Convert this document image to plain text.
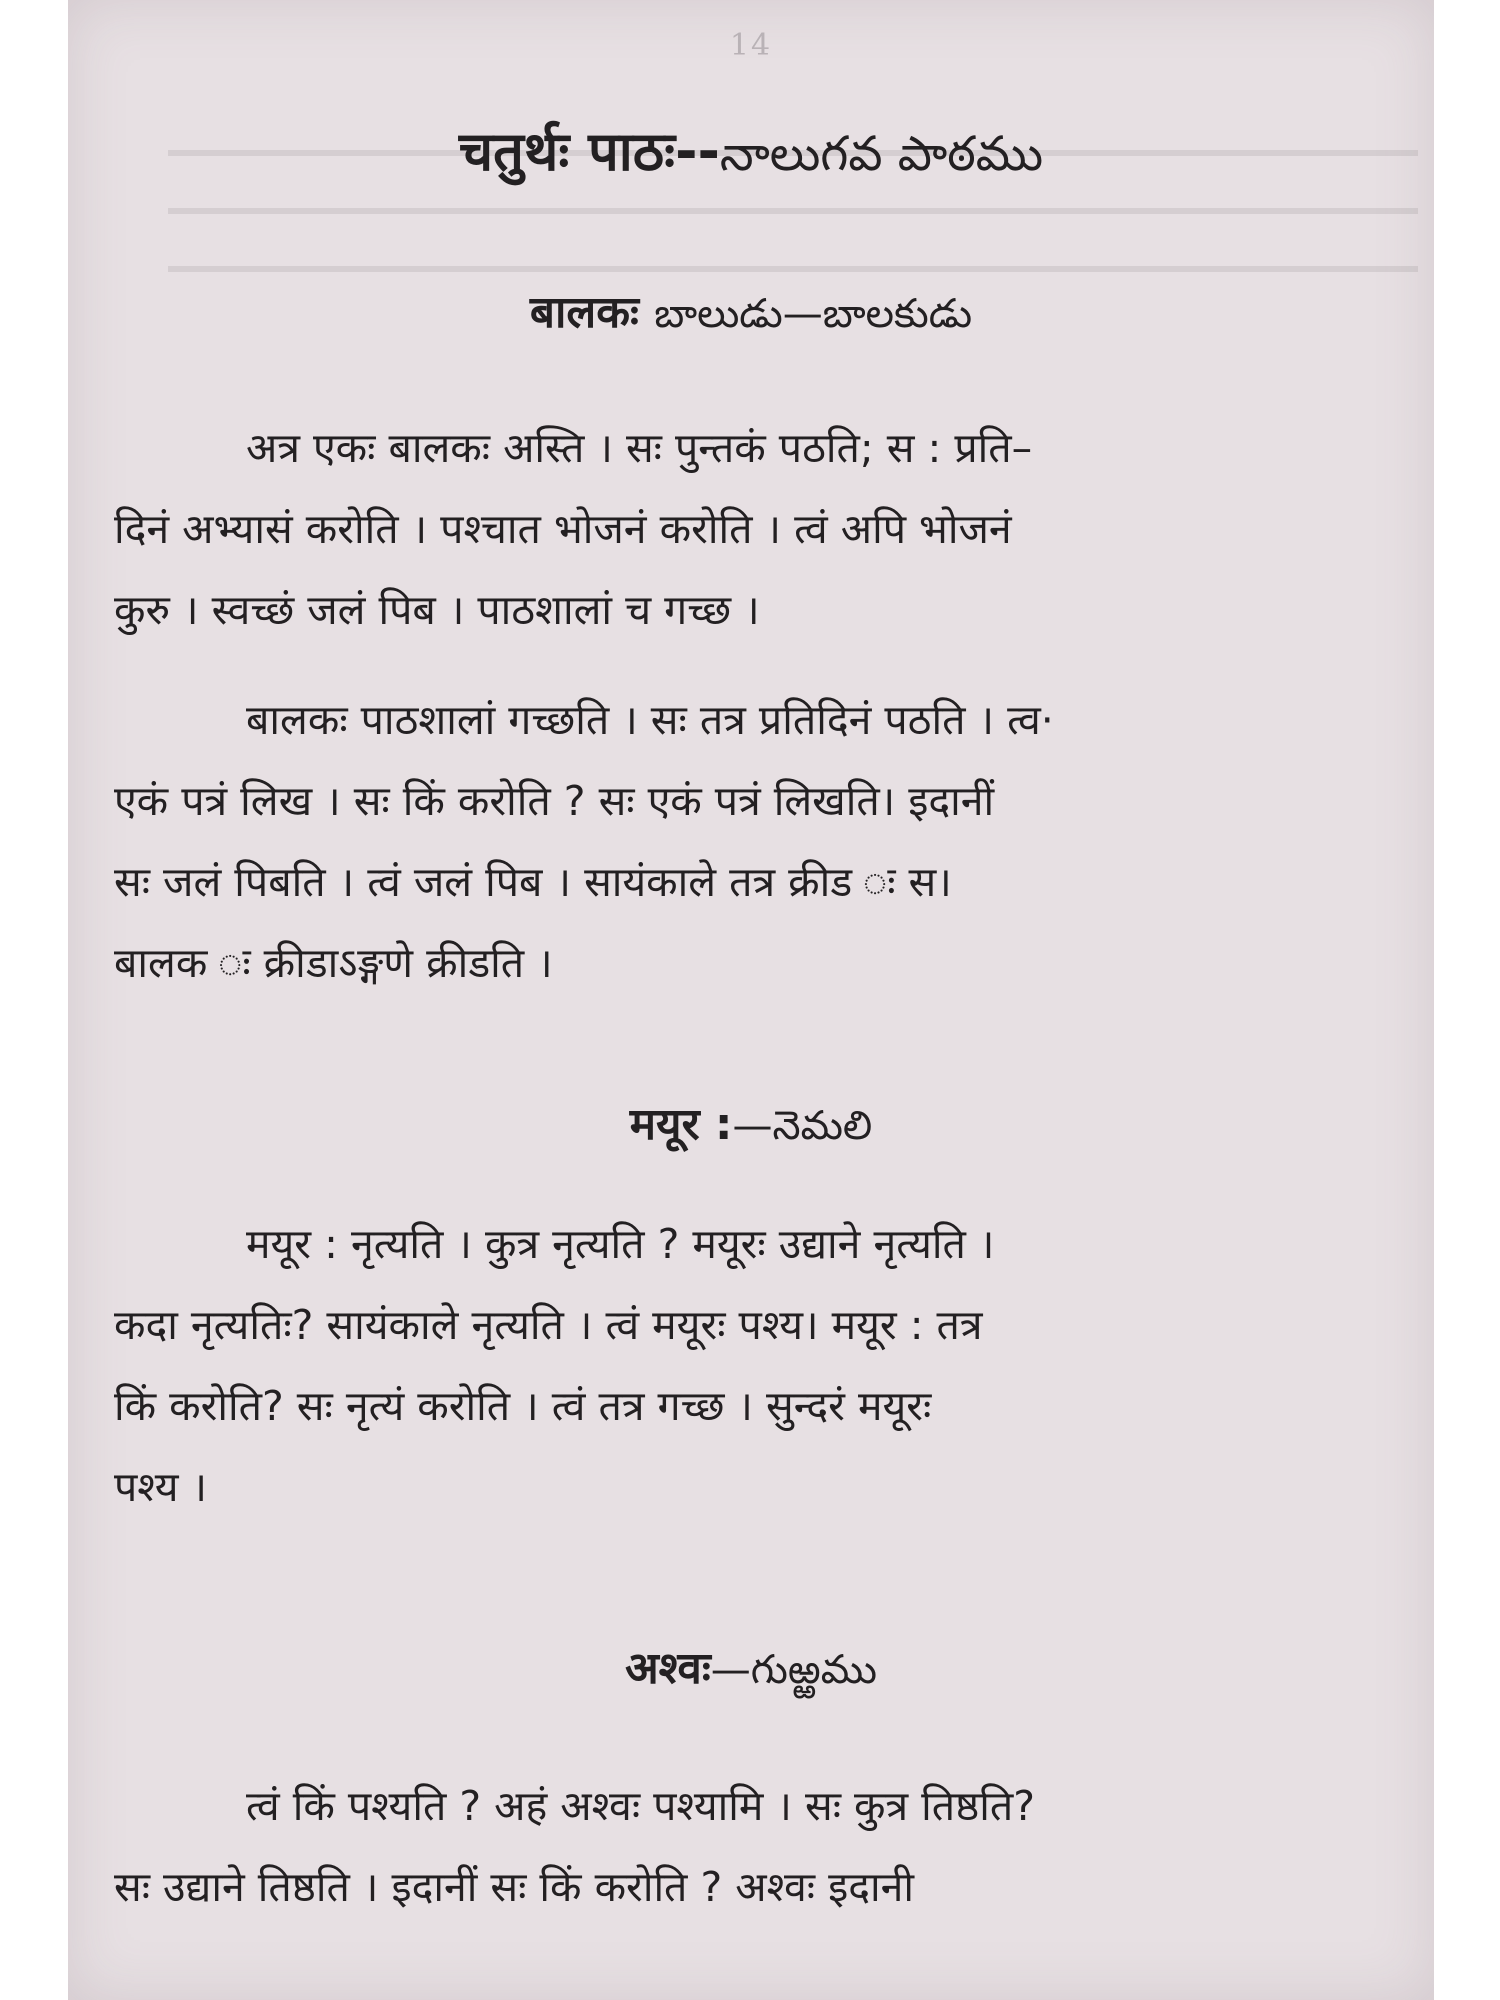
14
चतुर्थः पाठः--నాలుగవ పాఠము
बालकः బాలుడు—బాలకుడు
अत्र एकः बालकः अस्ति । सः पुन्तकं पठति; स : प्रति–
दिनं अभ्यासं करोति । पश्चात भोजनं करोति । त्वं अपि भोजनं
कुरु । स्वच्छं जलं पिब । पाठशालां च गच्छ ।
बालकः पाठशालां गच्छति । सः तत्र प्रतिदिनं पठति । त्व·
एकं पत्रं लिख । सः किं करोति ? सः एकं पत्रं लिखति। इदानीं
सः जलं पिबति । त्वं जलं पिब । सायंकाले तत्र क्रीड ः स।
बालक ः क्रीडाऽङ्गणे क्रीडति ।
मयूर :—నెమలి
मयूर : नृत्यति । कुत्र नृत्यति ? मयूरः उद्याने नृत्यति ।
कदा नृत्यतिः? सायंकाले नृत्यति । त्वं मयूरः पश्य। मयूर : तत्र
किं करोति? सः नृत्यं करोति । त्वं तत्र गच्छ । सुन्दरं मयूरः
पश्य ।
अश्वः—గుఱ్ఱము
त्वं किं पश्यति ? अहं अश्वः पश्यामि । सः कुत्र तिष्ठति?
सः उद्याने तिष्ठति । इदानीं सः किं करोति ? अश्वः इदानी
